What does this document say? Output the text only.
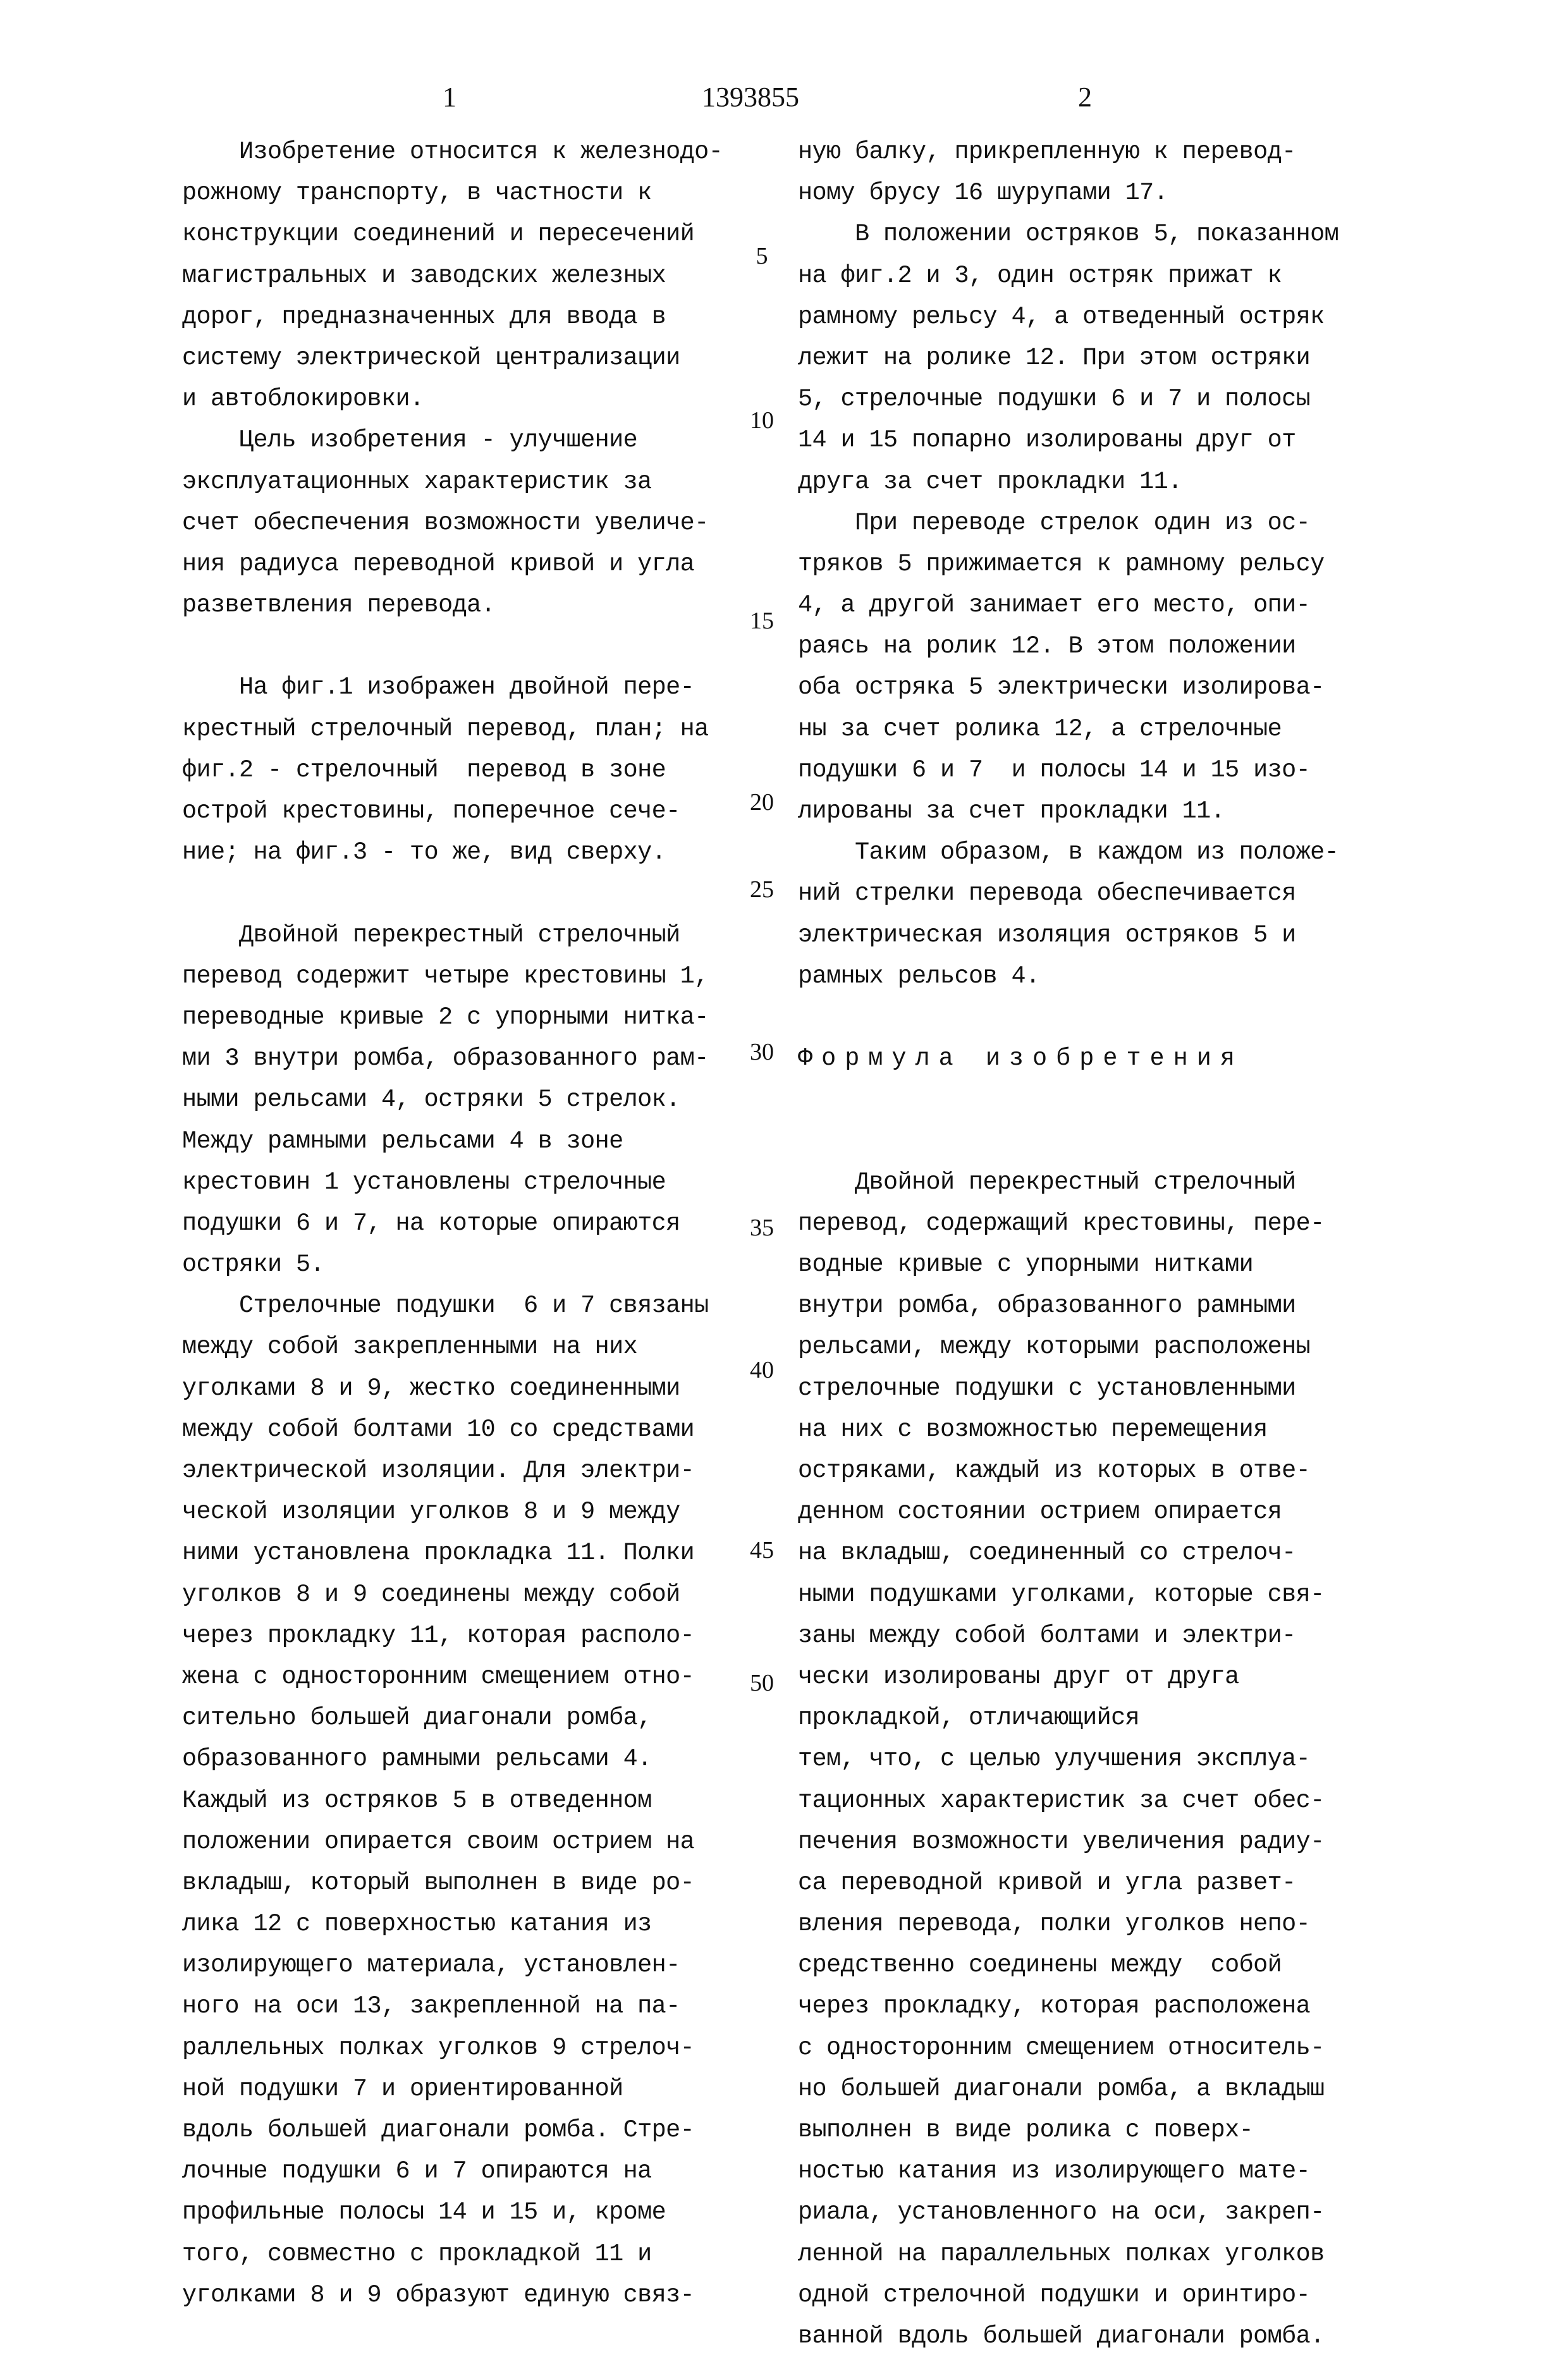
1	1393855	2
Изобретение относится к железнодо-
рожному транспорту, в частности к
конструкции соединений и пересечений
магистральных и заводских железных
дорог, предназначенных для ввода в
систему электрической централизации
и автоблокировки.
Цель изобретения - улучшение
эксплуатационных характеристик за
счет обеспечения возможности увеличе-
ния радиуса переводной кривой и угла
разветвления перевода.
На фиг.1 изображен двойной пере-
крестный стрелочный перевод, план; на
фиг.2 - стрелочный  перевод в зоне
острой крестовины, поперечное сече-
ние; на фиг.3 - то же, вид сверху.
Двойной перекрестный стрелочный
перевод содержит четыре крестовины 1,
переводные кривые 2 с упорными нитка-
ми 3 внутри ромба, образованного рам-
ными рельсами 4, остряки 5 стрелок.
Между рамными рельсами 4 в зоне
крестовин 1 установлены стрелочные
подушки 6 и 7, на которые опираются
остряки 5.
Стрелочные подушки  6 и 7 связаны
между собой закрепленными на них
уголками 8 и 9, жестко соединенными
между собой болтами 10 со средствами
электрической изоляции. Для электри-
ческой изоляции уголков 8 и 9 между
ними установлена прокладка 11. Полки
уголков 8 и 9 соединены между собой
через прокладку 11, которая располо-
жена с односторонним смещением отно-
сительно большей диагонали ромба,
образованного рамными рельсами 4.
Каждый из остряков 5 в отведенном
положении опирается своим острием на
вкладыш, который выполнен в виде ро-
лика 12 с поверхностью катания из
изолирующего материала, установлен-
ного на оси 13, закрепленной на па-
раллельных полках уголков 9 стрелоч-
ной подушки 7 и ориентированной
вдоль большей диагонали ромба. Стре-
лочные подушки 6 и 7 опираются на
профильные полосы 14 и 15 и, кроме
того, совместно с прокладкой 11 и
уголками 8 и 9 образуют единую связ-
ную балку, прикрепленную к перевод-
ному брусу 16 шурупами 17.
В положении остряков 5, показанном
на фиг.2 и 3, один остряк прижат к
рамному рельсу 4, а отведенный остряк
лежит на ролике 12. При этом остряки
5, стрелочные подушки 6 и 7 и полосы
14 и 15 попарно изолированы друг от
друга за счет прокладки 11.
При переводе стрелок один из ос-
тряков 5 прижимается к рамному рельсу
4, а другой занимает его место, опи-
раясь на ролик 12. В этом положении
оба остряка 5 электрически изолирова-
ны за счет ролика 12, а стрелочные
подушки 6 и 7  и полосы 14 и 15 изо-
лированы за счет прокладки 11.
Таким образом, в каждом из положе-
ний стрелки перевода обеспечивается
электрическая изоляция остряков 5 и
рамных рельсов 4.
Формула изобретения
Двойной перекрестный стрелочный
перевод, содержащий крестовины, пере-
водные кривые с упорными нитками
внутри ромба, образованного рамными
рельсами, между которыми расположены
стрелочные подушки с установленными
на них с возможностью перемещения
остряками, каждый из которых в отве-
денном состоянии острием опирается
на вкладыш, соединенный со стрелоч-
ными подушками уголками, которые свя-
заны между собой болтами и электри-
чески изолированы друг от друга
прокладкой, отличающийся
тем, что, с целью улучшения эксплуа-
тационных характеристик за счет обес-
печения возможности увеличения радиу-
са переводной кривой и угла развет-
вления перевода, полки уголков непо-
средственно соединены между  собой
через прокладку, которая расположена
с односторонним смещением относитель-
но большей диагонали ромба, а вкладыш
выполнен в виде ролика с поверх-
ностью катания из изолирующего мате-
риала, установленного на оси, закреп-
ленной на параллельных полках уголков
одной стрелочной подушки и оринтиро-
ванной вдоль большей диагонали ромба.
5
10
15
20
25
30
35
40
45
50
